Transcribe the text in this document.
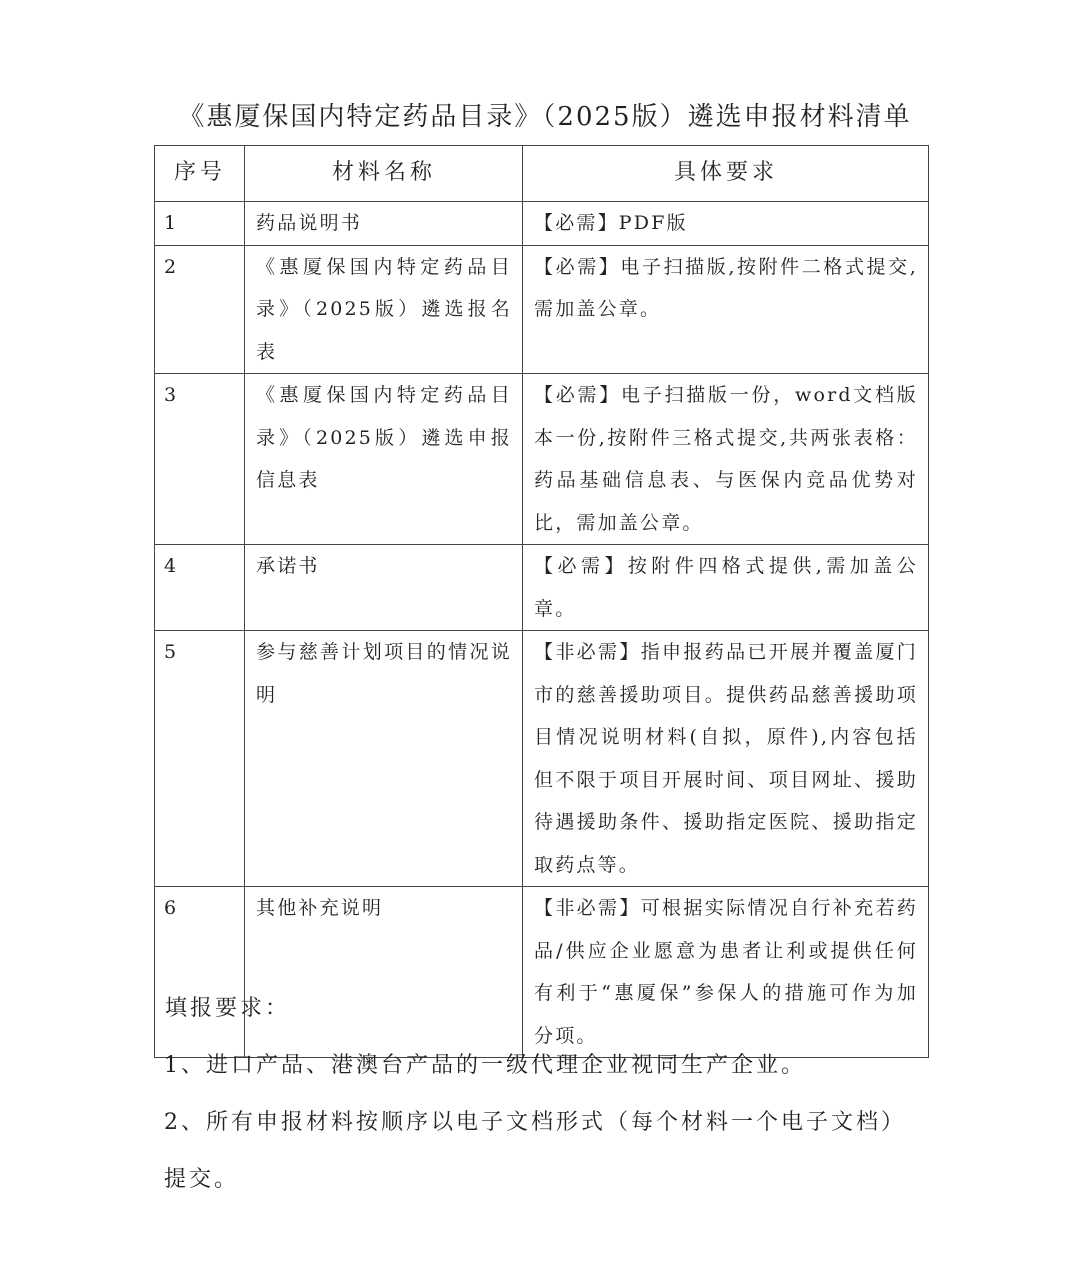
《惠厦保国内特定药品目录》（2025版）遴选申报材料清单
序号	材料名称	具体要求
1	药品说明书	【必需】PDF版
2	《惠厦保国内特定药品目录》（2025版）遴选报名表	【必需】电子扫描版,按附件二格式提交,需加盖公章。
3	《惠厦保国内特定药品目录》（2025版）遴选申报信息表	【必需】电子扫描版一份，word文档版本一份,按附件三格式提交,共两张表格：药品基础信息表、与医保内竞品优势对比，需加盖公章。
4	承诺书	【必需】按附件四格式提供,需加盖公章。
5	参与慈善计划项目的情况说明	【非必需】指申报药品已开展并覆盖厦门市的慈善援助项目。提供药品慈善援助项目情况说明材料(自拟，原件),内容包括但不限于项目开展时间、项目网址、援助待遇援助条件、援助指定医院、援助指定取药点等。
6	其他补充说明	【非必需】可根据实际情况自行补充若药品/供应企业愿意为患者让利或提供任何有利于“惠厦保”参保人的措施可作为加分项。

填报要求：

1、进口产品、港澳台产品的一级代理企业视同生产企业。

2、所有申报材料按顺序以电子文档形式（每个材料一个电子文档）提交。
